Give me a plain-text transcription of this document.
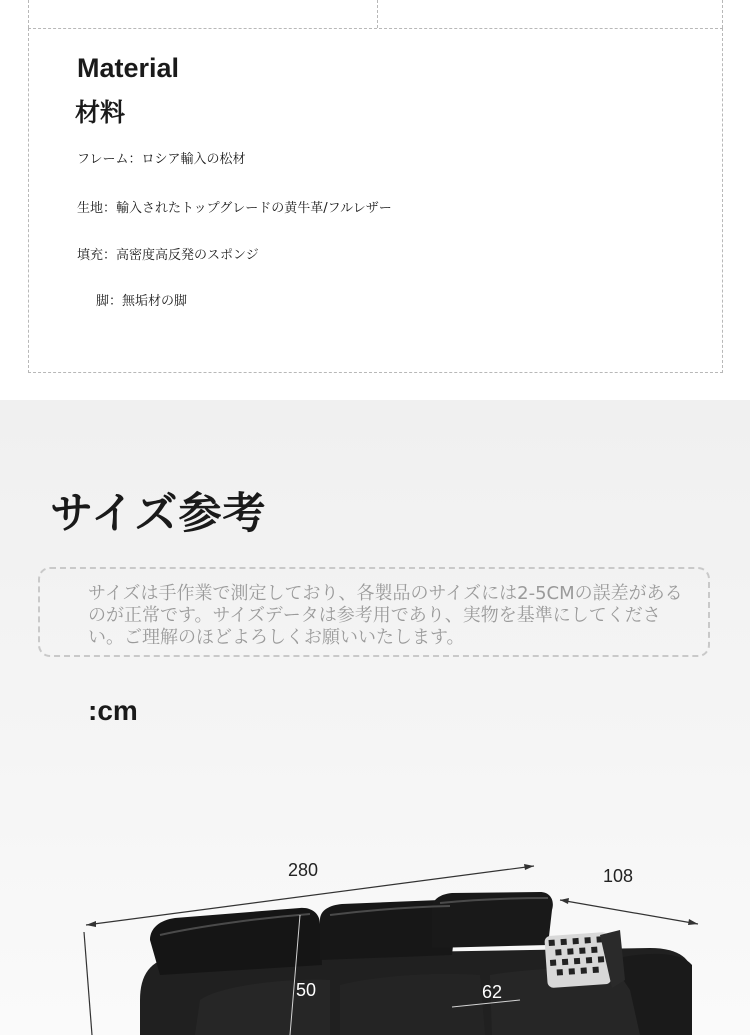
Material
材料
フレーム：ロシア輸入の松材
生地：輸入されたトップグレードの黄牛革/フルレザー
填充：高密度高反発のスポンジ
脚：無垢材の脚
サイズ参考

サイズは手作業で測定しており、各製品のサイズには2-5CMの誤差があるのが正常です。サイズデータは参考用であり、実物を基準にしてください。ご理解のほどよろしくお願いいたします。

:cm
280	108
50	62
